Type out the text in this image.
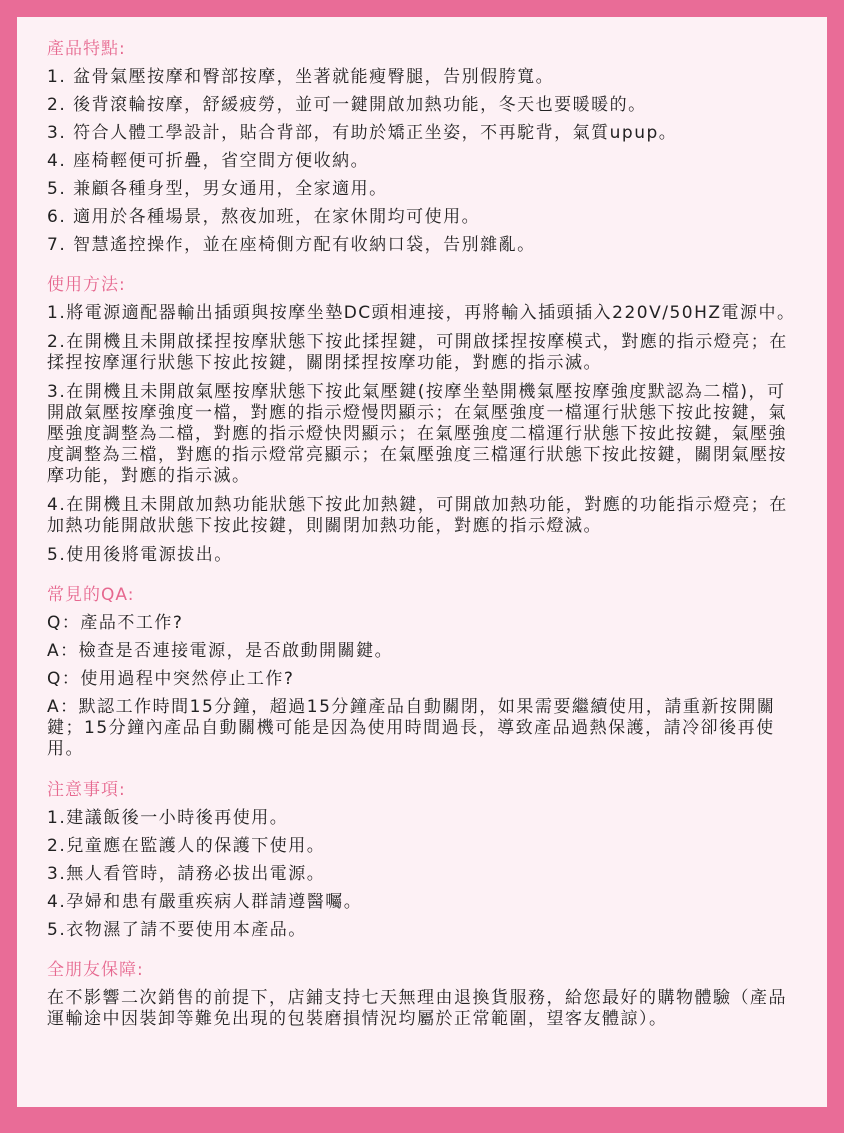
產品特點:

1. 盆骨氣壓按摩和臀部按摩，坐著就能瘦臀腿，告別假胯寬。
2. 後背滾輪按摩，舒緩疲勞，並可一鍵開啟加熱功能，冬天也要暖暖的。
3. 符合人體工學設計，貼合背部，有助於矯正坐姿，不再駝背，氣質upup。
4. 座椅輕便可折疊，省空間方便收納。
5. 兼顧各種身型，男女通用，全家適用。
6. 適用於各種場景，熬夜加班，在家休閒均可使用。
7. 智慧遙控操作，並在座椅側方配有收納口袋，告別雜亂。

使用方法:

1.將電源適配器輸出插頭與按摩坐墊DC頭相連接，再將輸入插頭插入220V/50HZ電源中。
2.在開機且未開啟揉捏按摩狀態下按此揉捏鍵，可開啟揉捏按摩模式，對應的指示燈亮；在揉捏按摩運行狀態下按此按鍵，關閉揉捏按摩功能，對應的指示滅。
3.在開機且未開啟氣壓按摩狀態下按此氣壓鍵(按摩坐墊開機氣壓按摩強度默認為二檔)，可開啟氣壓按摩強度一檔，對應的指示燈慢閃顯示；在氣壓強度一檔運行狀態下按此按鍵，氣壓強度調整為二檔，對應的指示燈快閃顯示；在氣壓強度二檔運行狀態下按此按鍵，氣壓強度調整為三檔，對應的指示燈常亮顯示；在氣壓強度三檔運行狀態下按此按鍵，關閉氣壓按摩功能，對應的指示滅。
4.在開機且未開啟加熱功能狀態下按此加熱鍵，可開啟加熱功能，對應的功能指示燈亮；在加熱功能開啟狀態下按此按鍵，則關閉加熱功能，對應的指示燈滅。
5.使用後將電源拔出。

常見的QA:

Q：產品不工作?
A：檢查是否連接電源，是否啟動開關鍵。
Q：使用過程中突然停止工作?
A：默認工作時間15分鐘，超過15分鐘產品自動關閉，如果需要繼續使用，請重新按開關鍵；15分鐘內產品自動關機可能是因為使用時間過長，導致產品過熱保護，請冷卻後再使用。

注意事項:

1.建議飯後一小時後再使用。
2.兒童應在監護人的保護下使用。
3.無人看管時，請務必拔出電源。
4.孕婦和患有嚴重疾病人群請遵醫囑。
5.衣物濕了請不要使用本產品。

全朋友保障:

在不影響二次銷售的前提下，店鋪支持七天無理由退換貨服務，給您最好的購物體驗（產品運輸途中因裝卸等難免出現的包裝磨損情況均屬於正常範圍，望客友體諒）。
